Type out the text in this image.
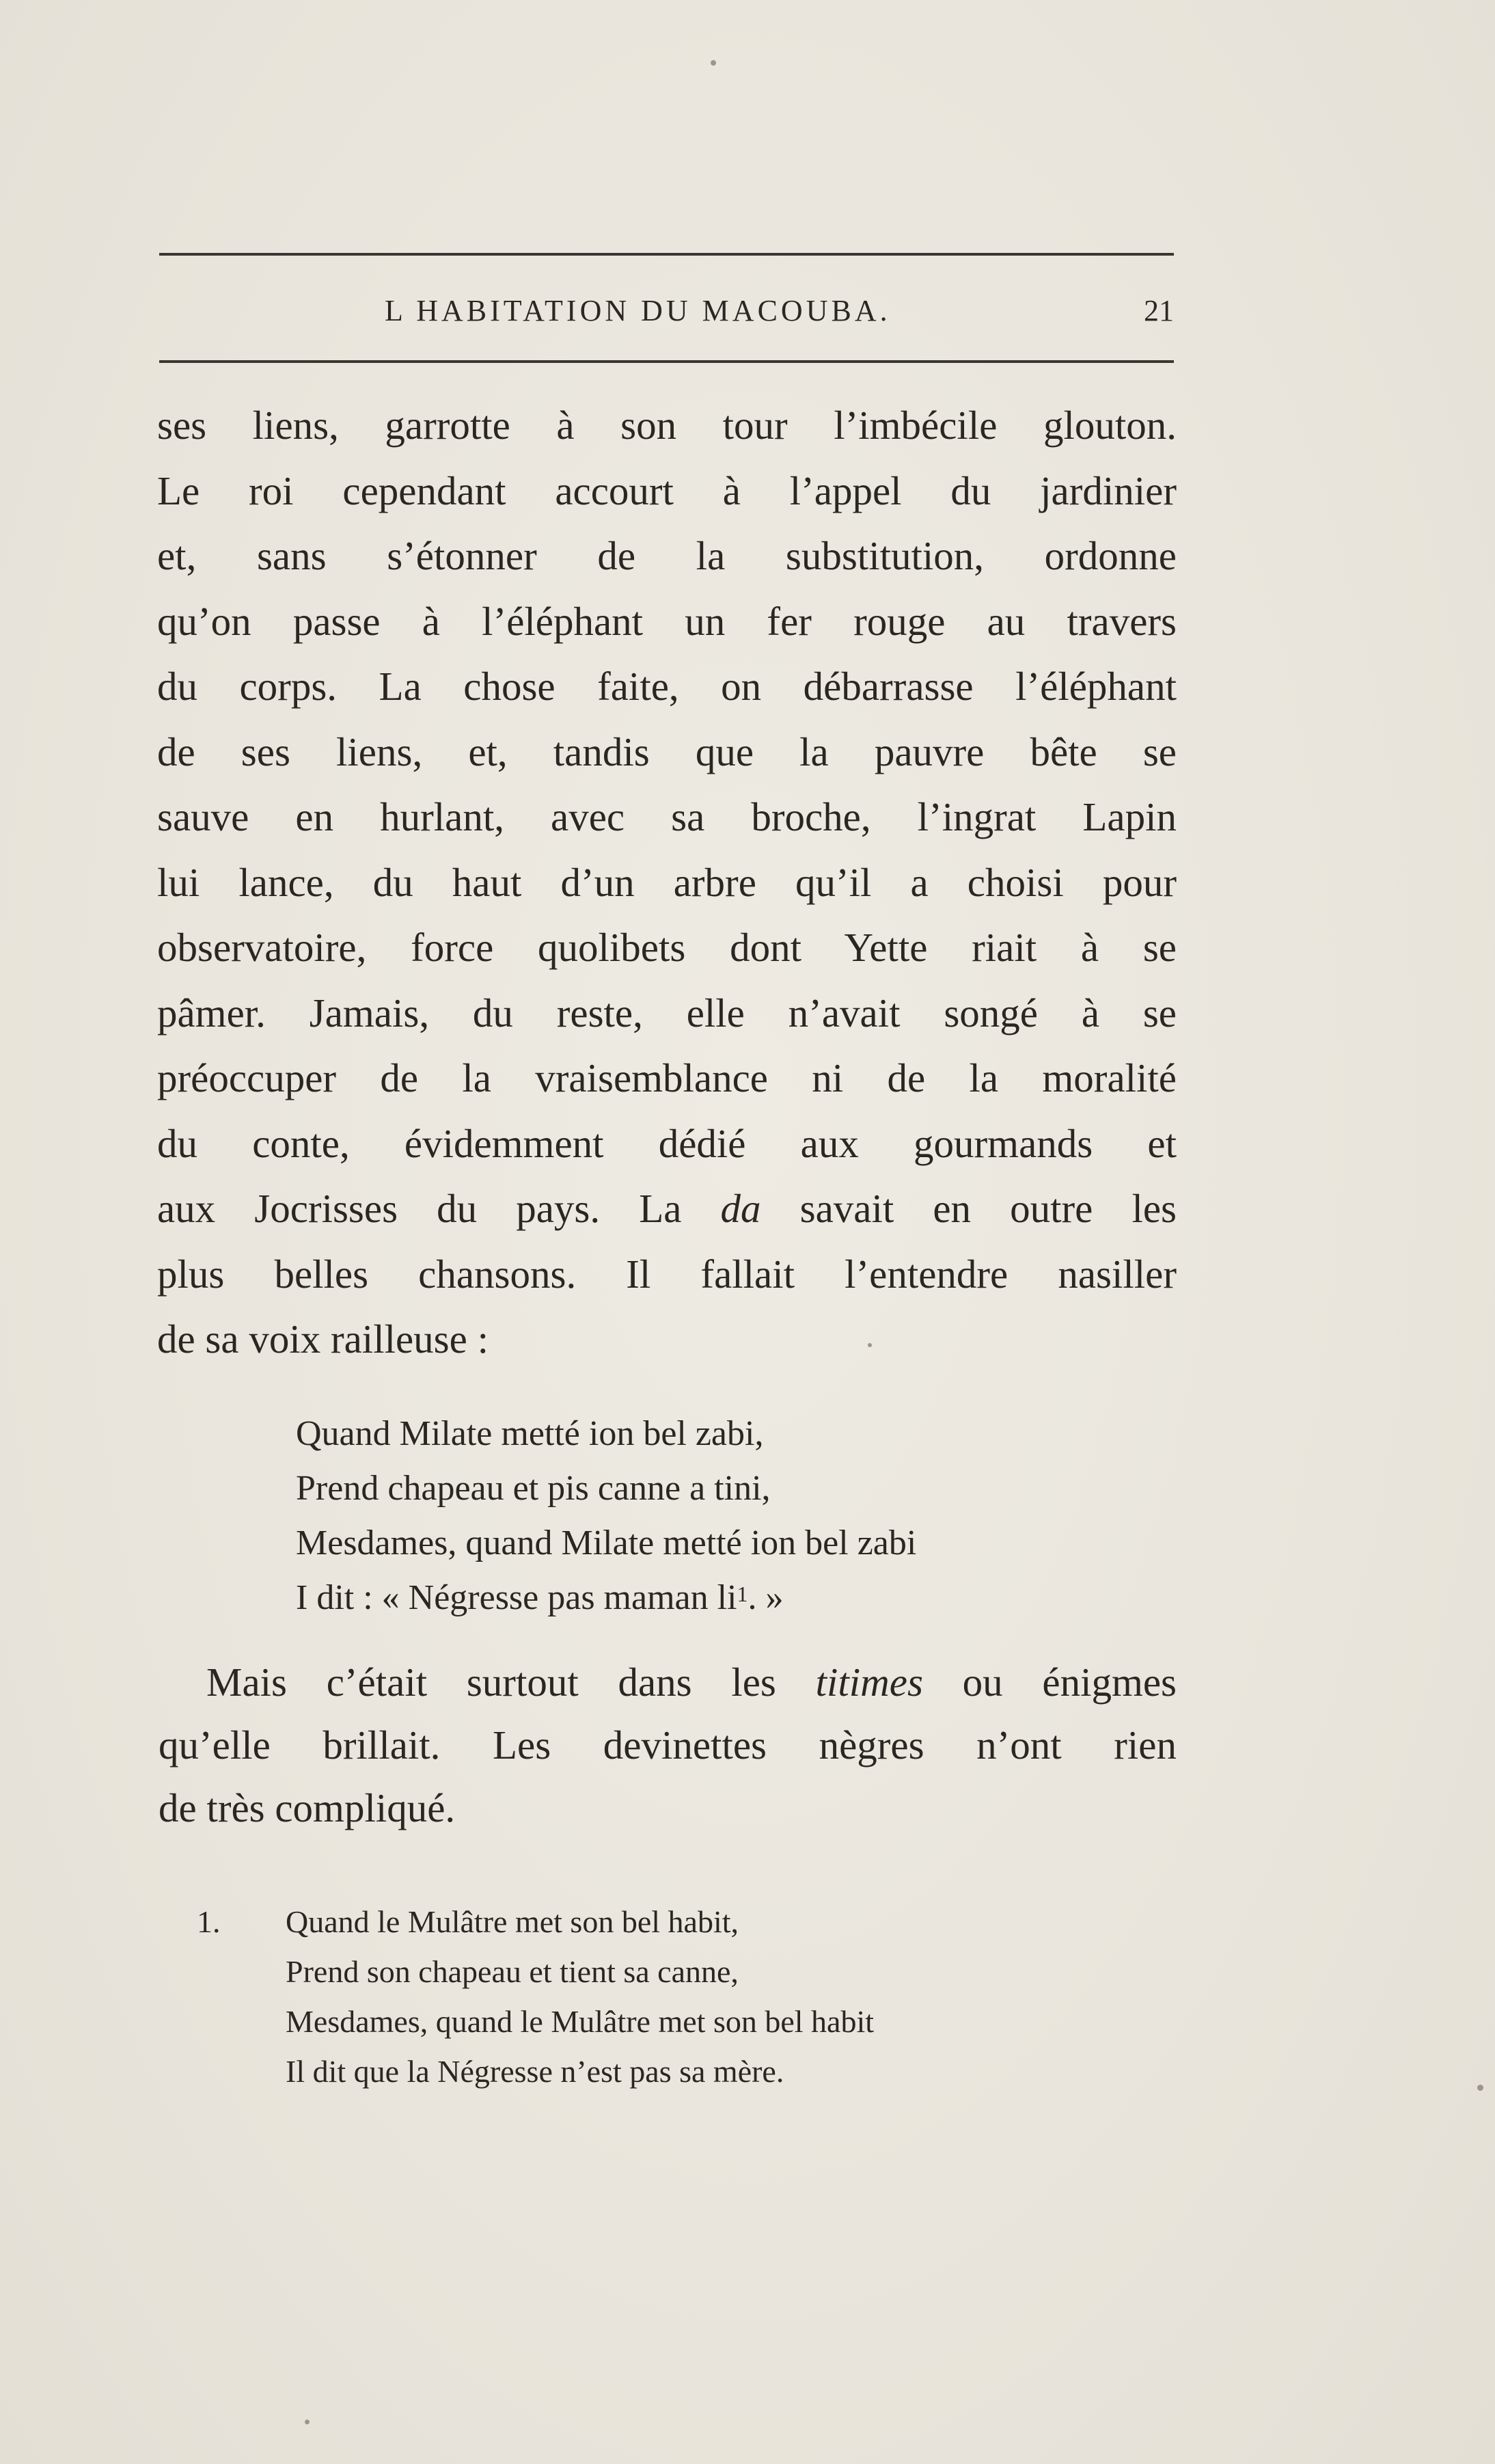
L HABITATION DU MACOUBA.	21
ses liens, garrotte à son tour l’imbécile glouton.
Le roi cependant accourt à l’appel du jardinier
et, sans s’étonner de la substitution, ordonne
qu’on passe à l’éléphant un fer rouge au travers
du corps. La chose faite, on débarrasse l’éléphant
de ses liens, et, tandis que la pauvre bête se
sauve en hurlant, avec sa broche, l’ingrat Lapin
lui lance, du haut d’un arbre qu’il a choisi pour
observatoire, force quolibets dont Yette riait à se
pâmer. Jamais, du reste, elle n’avait songé à se
préoccuper de la vraisemblance ni de la moralité
du conte, évidemment dédié aux gourmands et
aux Jocrisses du pays. La da savait en outre les
plus belles chansons. Il fallait l’entendre nasiller
de sa voix railleuse :
Quand Milate metté ion bel zabi,
Prend chapeau et pis canne a tini,
Mesdames, quand Milate metté ion bel zabi
I dit : « Négresse pas maman $li^1$. »
Mais c’était surtout dans les titimes ou énigmes
qu’elle brillait. Les devinettes nègres n’ont rien
de très compliqué.
1. Quand le Mulâtre met son bel habit,
Prend son chapeau et tient sa canne,
Mesdames, quand le Mulâtre met son bel habit
Il dit que la Négresse n’est pas sa mère.
